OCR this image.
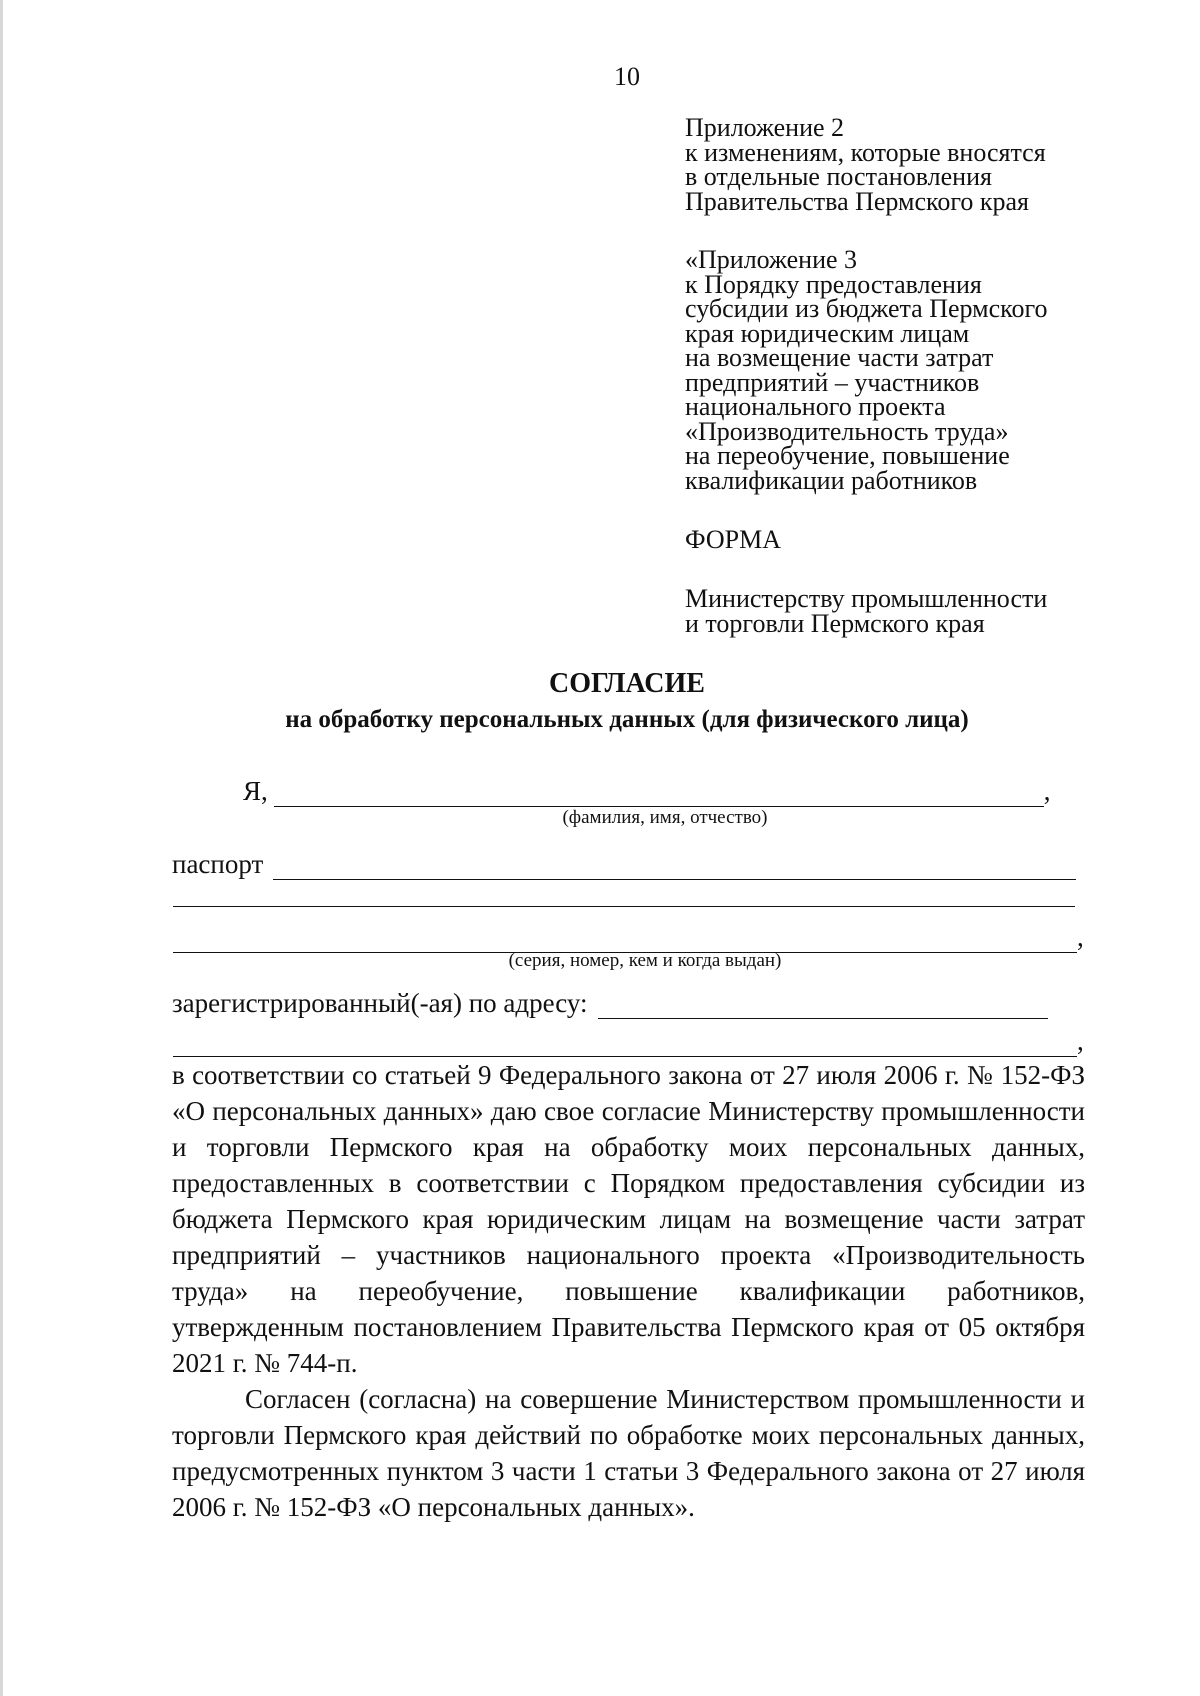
10
Приложение 2
к изменениям, которые вносятся
в отдельные постановления
Правительства Пермского края
«Приложение 3
к Порядку предоставления
субсидии из бюджета Пермского
края юридическим лицам
на возмещение части затрат
предприятий – участников
национального проекта
«Производительность труда»
на переобучение, повышение
квалификации работников
ФОРМА
Министерству промышленности
и торговли Пермского края
СОГЛАСИЕ
на обработку персональных данных (для физического лица)
Я,	,
(фамилия, имя, отчество)
паспорт
,
(серия, номер, кем и когда выдан)
зарегистрированный(-ая) по адресу:
,
в соответствии со статьей 9 Федерального закона от 27 июля 2006 г. № 152-ФЗ «О персональных данных» даю свое согласие Министерству промышленности и торговли Пермского края на обработку моих персональных данных, предоставленных в соответствии с Порядком предоставления субсидии из бюджета Пермского края юридическим лицам на возмещение части затрат предприятий – участников национального проекта «Производительность труда» на переобучение, повышение квалификации работников, утвержденным постановлением Правительства Пермского края от 05 октября 2021 г. № 744-п.
Согласен (согласна) на совершение Министерством промышленности и торговли Пермского края действий по обработке моих персональных данных, предусмотренных пунктом 3 части 1 статьи 3 Федерального закона от 27 июля 2006 г. № 152-ФЗ «О персональных данных».
